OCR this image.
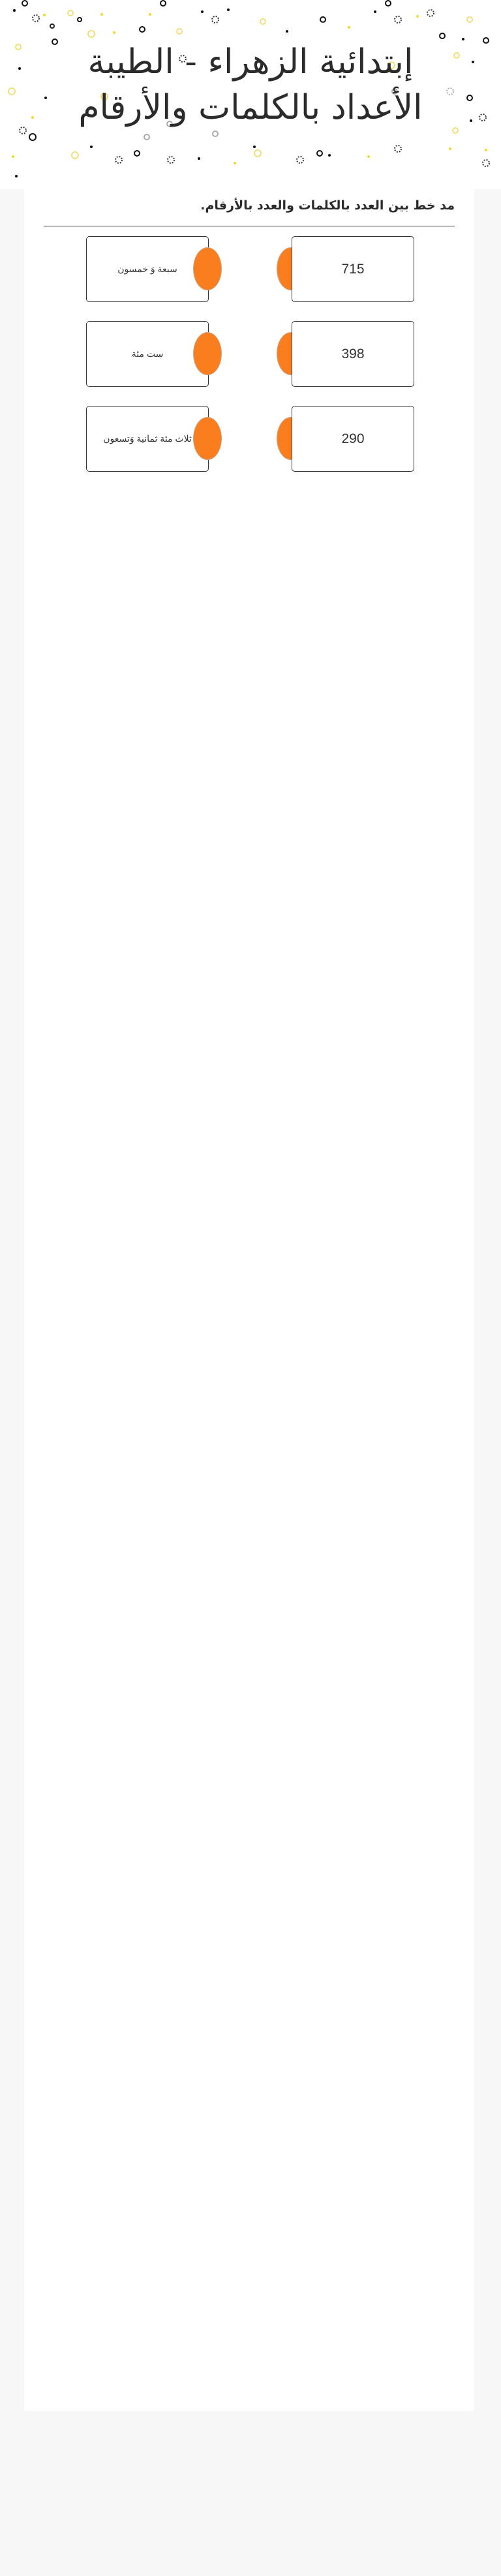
إبتدائية الزهراء - الطيبة
الأعداد بالكلمات والأرقام
مد خط بين العدد بالكلمات والعدد بالأرقام.
سبعة وَ خمسون	715
ست مئة	398
ثلاث مئة ثمانية وَتسعون	290
